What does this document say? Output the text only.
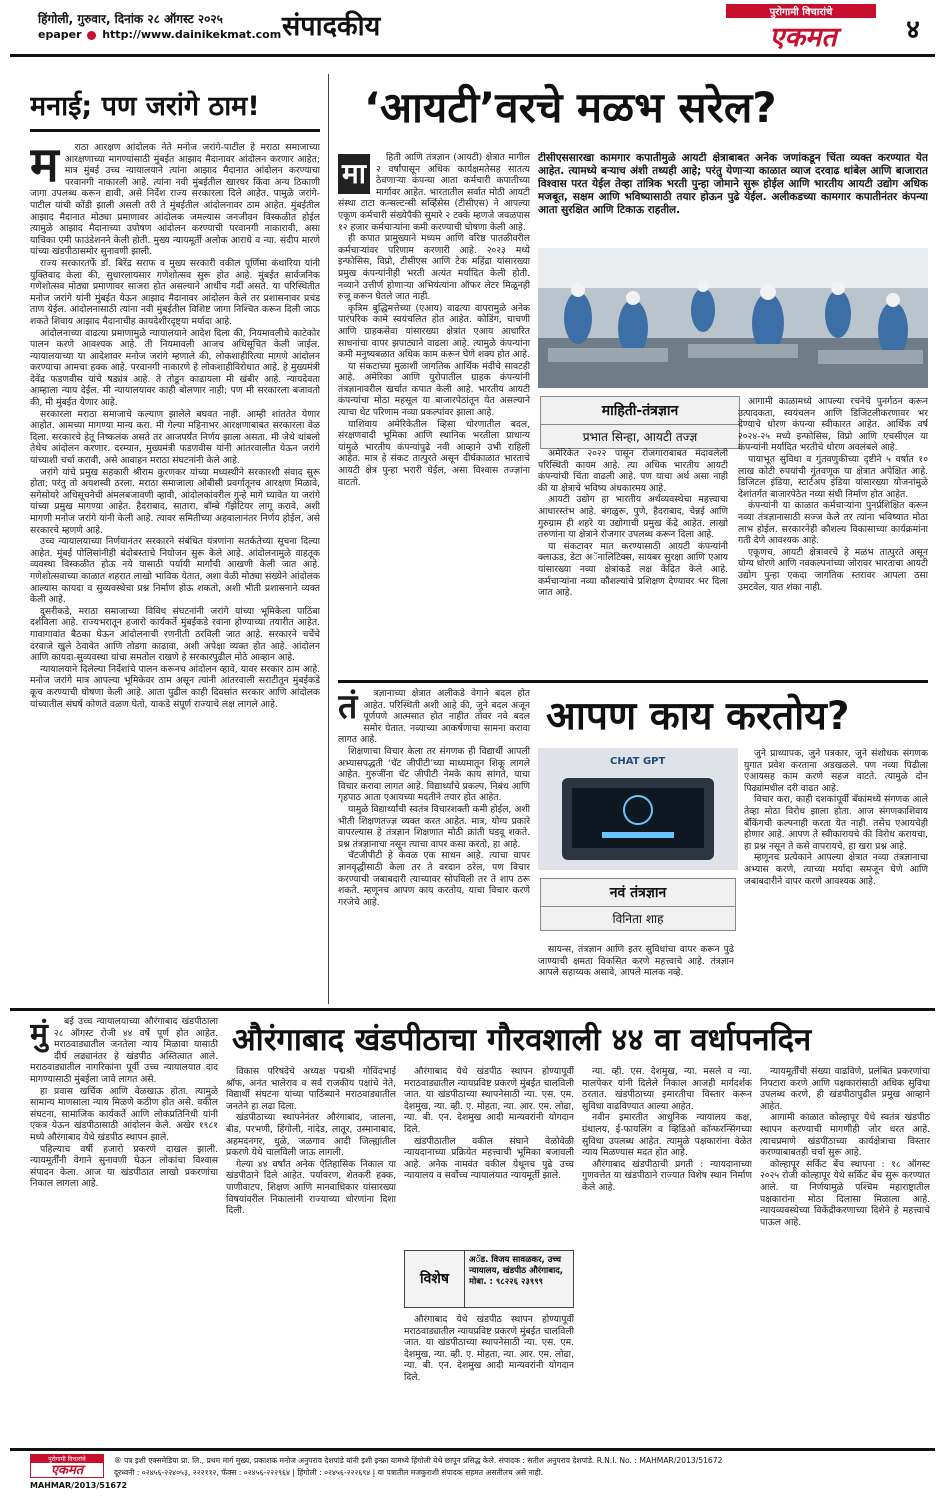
हिंगोली, गुरुवार, दिनांक २८ ऑगस्ट २०२५
epaper http://www.dainikekmat.com संपादकीय	पुरोगामी विचारांचे
एकमत	४
मनाई; पण जरांगे ठाम!
म	राठा आरक्षण आंदोलक नेते मनोज जरांगे-पाटील हे मराठा समाजाच्या आरक्षणाच्या मागण्यांसाठी मुंबईत आझाद मैदानावर आंदोलन करणार आहेत; मात्र मुंबई उच्च न्यायालयाने त्यांना आझाद मैदानात आंदोलन करण्याचा परवानगी नाकारली आहे. त्यांना नवी मुंबईतील खारघर किंवा अन्य ठिकाणी जागा उपलब्ध करून द्यावी, असे निर्देश राज्य सरकारला दिले आहेत. पामुळे जरांगे-पाटील यांची कोंडी झाली असली तरी ते मुंबईतील आंदोलनावर ठाम आहेत. मुंबईतील आझाद मैदानात मोठ्या प्रमाणावर आंदोलक जमल्यास जनजीवन विस्कळीत होईल त्यामुळे आझाद मैदानाच्या उपोषण आंदोलन करण्याची परवानगी नाकारावी, असा याचिका एमी फाउंडेशनने केली होती. मुख्य न्यायमूर्ती अलोक आराधे व न्या. संदीप मारणे यांच्या खंडपीठासमोर सुनावणी झाली.

राज्य सरकारतर्फे डॉ. बिरेंद्र सराफ व मुख्य सरकारी वकील पूर्णिमा कंथारिया यांनी युक्तिवाद केला की, सुधारलायसार गणेशोत्सव सुरू होत आहे. मुंबईत सार्वजनिक गणेशोत्सव मोठ्या प्रमाणावर साजरा होत असल्याने आधीच गर्दी असते. या परिस्थितीत मनोज जरांगे यांनी मुंबईत येऊन आझाद मैदानावर आंदोलन केले तर प्रशासनावर प्रचंड ताण येईल. आंदोलनासाठी त्यांना नवी मुंबईतील विशिष्ट जागा निश्चित करून दिली जाऊ शकते शिवाय आझाद मैदानाचीह कायदेशीरदृष्ट्या मर्यादा आहे.

आंदोलनाच्या वाढत्या प्रमाणामुळे न्यायालयाने आदेश दिला की, नियमावलीचे काटेकोर पालन करणे आवश्यक आहे. ती नियमावली आजच अधिसूचित केली जाईल. न्यायालयाच्या या आदेशावर मनोज जरांगे म्हणाले की, लोकशाहीरित्या मागणे आंदोलन करण्याचा आमचा हक्क आहे. परवानगी नाकारणे हे लोकशाहीविरोधात आहे. हे मुख्यमंत्री देवेंद्र फडणवीस यांचे षड्यंत्र आहे. ते तोडून काढायला मी खंबीर आहे. न्यायदेवता आम्हाला न्याय देईल. मी न्यायालयावर काही बोलणार नाही; पण मी सरकारला बजावतो की, मी मुंबईत येणार आहे.

सरकारला मराठा समाजाचे कल्याण झालेले बघवत नाही. आम्ही शांततेत येणार आहोत. आमच्या मागण्या मान्य करा. मी गेल्या महिनाभर आरक्षणाबाबत सरकारला वेळ दिला. सरकारचे हेतू निष्कलंक असते तर आजपर्यंत निर्णय झाला असता. मी जेथे थांबलो तेथेच आंदोलन करणार. दरम्यान, मुख्यमंत्री फडणवीस यांनी आंतरवालीत येऊन जरांगे यांच्याशी चर्चा करावी, असे आवाहन मराठा संघटनांनी केले आहे.

जरांगे यांचे प्रमुख सहकारी श्रीराम कुरणकर यांच्या मध्यस्थीने सरकारशी संवाद सुरू होता; परंतु तो अयशस्वी ठरला. मराठा समाजाला ओबीसी प्रवर्गातूनच आरक्षण मिळावे, सगेसोयरे अधिसूचनेची अंमलबजावणी व्हावी, आंदोलकांवरील गुन्हे मागे घ्यावेत या जरांगे यांच्या प्रमुख मागण्या आहेत. हैदराबाद, सातारा, बॉम्बे गॅझेटियर लागू करावे, अशी मागणी मनोज जरांगे यांनी केली आहे. त्यावर समितीच्या अहवालानंतर निर्णय होईल, असे सरकारचे म्हणणे आहे.

उच्च न्यायालयाच्या निर्णयानंतर सरकारने संबंधित यंत्रणांना सतर्कतेच्या सूचना दिल्या आहेत. मुंबई पोलिसांनीही बंदोबस्ताचे नियोजन सुरू केले आहे. आंदोलनामुळे वाहतूक व्यवस्था विस्कळीत होऊ नये यासाठी पर्यायी मार्गांची आखणी केली जात आहे. गणेशोत्सवाच्या काळात शहरात लाखो भाविक येतात, अशा वेळी मोठ्या संख्येने आंदोलक आल्यास कायदा व सुव्यवस्थेचा प्रश्न निर्माण होऊ शकतो, अशी भीती प्रशासनाने व्यक्त केली आहे.

दुसरीकडे, मराठा समाजाच्या विविध संघटनांनी जरांगे यांच्या भूमिकेला पाठिंबा दर्शविला आहे. राज्यभरातून हजारो कार्यकर्ते मुंबईकडे रवाना होण्याच्या तयारीत आहेत. गावागावांत बैठका घेऊन आंदोलनाची रणनीती ठरविली जात आहे. सरकारने चर्चेचे दरवाजे खुले ठेवावेत आणि तोडगा काढावा, अशी अपेक्षा व्यक्त होत आहे. आंदोलन आणि कायदा-सुव्यवस्था यांचा समतोल राखणे हे सरकारपुढील मोठे आव्हान आहे.

न्यायालयाने दिलेल्या निर्देशांचे पालन करूनच आंदोलन व्हावे, यावर सरकार ठाम आहे. मनोज जरांगे मात्र आपल्या भूमिकेवर ठाम असून त्यांनी आंतरवाली सराटीतून मुंबईकडे कूच करण्याची घोषणा केली आहे. आता पुढील काही दिवसांत सरकार आणि आंदोलक यांच्यातील संघर्ष कोणते वळण घेतो, याकडे संपूर्ण राज्याचे लक्ष लागले आहे.

‘आयटी’वरचे मळभ सरेल?
मा	हिती आणि तंत्रज्ञान (आयटी) क्षेत्रात मागील २ वर्षांपासून अधिक कार्यक्षमतेसह सातत्य ठेवणाऱ्या कंपन्या आता कर्मचारी कपातीच्या मार्गावर आहेत. भारतातील सर्वात मोठी आयटी संस्था टाटा कन्सल्टन्सी सर्व्हिसेस (टीसीएस) ने आपल्या एकूण कर्मचारी संख्येपैकी सुमारे २ टक्के म्हणजे जवळपास १२ हजार कर्मचाऱ्यांना कमी करण्याची घोषणा केली आहे.

ही कपात प्रामुख्याने मध्यम आणि वरिष्ठ पातळीवरील कर्मचाऱ्यांवर परिणाम करणारी आहे. २०२३ मध्ये इन्फोसिस, विप्रो, टीसीएस आणि टेक महिंद्रा यांसारख्या प्रमुख कंपन्यांनीही भरती अत्यंत मर्यादित केली होती. नव्याने उत्तीर्ण होणाऱ्या अभियंत्यांना ऑफर लेटर मिळूनही रुजू करून घेतले जात नाही.

कृत्रिम बुद्धिमत्तेच्या (एआय) वाढत्या वापरामुळे अनेक पारंपरिक कामे स्वयंचलित होत आहेत. कोडिंग, चाचणी आणि ग्राहकसेवा यांसारख्या क्षेत्रांत एआय आधारित साधनांचा वापर झपाट्याने वाढला आहे. त्यामुळे कंपन्यांना कमी मनुष्यबळात अधिक काम करून घेणे शक्य होत आहे.

या संकटाच्या मुळाशी जागतिक आर्थिक मंदीचे सावटही आहे. अमेरिका आणि युरोपातील ग्राहक कंपन्यांनी तंत्रज्ञानावरील खर्चात कपात केली आहे. भारतीय आयटी कंपन्यांचा मोठा महसूल या बाजारपेठांतून येत असल्याने त्याचा थेट परिणाम नव्या प्रकल्पांवर झाला आहे.

याशिवाय अमेरिकेतील व्हिसा धोरणातील बदल, संरक्षणवादी भूमिका आणि स्थानिक भरतीला प्राधान्य यांमुळे भारतीय कंपन्यांपुढे नवी आव्हाने उभी राहिली आहेत. मात्र हे संकट तात्पुरते असून दीर्घकाळात भारताचे आयटी क्षेत्र पुन्हा भरारी घेईल, असा विश्वास तज्ज्ञांना वाटतो.

टीसीएससारखा कामगार कपातीमुळे आयटी क्षेत्राबाबत अनेक जणांकडून चिंता व्यक्त करण्यात येत आहेत. त्यामध्ये बऱ्याच अंशी तथ्यही आहे; परंतु येणाऱ्या काळात व्याज दरवाढ थांबेल आणि बाजारात विश्वास परत येईल तेव्हा तांत्रिक भरती पुन्हा जोमाने सुरू होईल आणि भारतीय आयटी उद्योग अधिक मजबूत, सक्षम आणि भविष्यासाठी तयार होऊन पुढे येईल. अलीकडच्या कामगार कपातीनंतर कंपन्या आता सुरक्षित आणि टिकाऊ राहतील.

माहिती-तंत्रज्ञान
प्रभात सिन्हा, आयटी तज्ज्ञ

अमेरिकेत २०२२ पासून रोजगाराबाबत मंदावलेली परिस्थिती कायम आहे. त्या अधिक भारतीय आयटी कंपन्यांची चिंता वाढली आहे. पण याचा अर्थ असा नाही की या क्षेत्राचे भविष्य अंधकारमय आहे.

आयटी उद्योग हा भारतीय अर्थव्यवस्थेचा महत्त्वाचा आधारस्तंभ आहे. बंगळुरू, पुणे, हैदराबाद, चेन्नई आणि गुरुग्राम ही शहरे या उद्योगाची प्रमुख केंद्रे आहेत. लाखो तरुणांना या क्षेत्राने रोजगार उपलब्ध करून दिला आहे.

या संकटावर मात करण्यासाठी आयटी कंपन्यांनी क्लाऊड, डेटा अॅनालिटिक्स, सायबर सुरक्षा आणि एआय यांसारख्या नव्या क्षेत्रांकडे लक्ष केंद्रित केले आहे. कर्मचाऱ्यांना नव्या कौशल्यांचे प्रशिक्षण देण्यावर भर दिला जात आहे.

आगामी काळामध्ये आपल्या रचनेचे पुनर्गठन करून उत्पादकता, स्वयंचलन आणि डिजिटलीकरणावर भर देण्याचे धोरण कंपन्या स्वीकारत आहेत. आर्थिक वर्ष २०२४-२५ मध्ये इन्फोसिस, विप्रो आणि एचसीएल या कंपन्यांनी मर्यादित भरतीचे धोरण अवलंबले आहे.

पायाभूत सुविधा व गुंतवणुकीच्या दृष्टीने ५ वर्षात १० लाख कोटी रुपयांची गुंतवणूक या क्षेत्रात अपेक्षित आहे. डिजिटल इंडिया, स्टार्टअप इंडिया यांसारख्या योजनांमुळे देशांतर्गत बाजारपेठेत नव्या संधी निर्माण होत आहेत.

कंपन्यांनी या काळात कर्मचाऱ्यांना पुनर्प्रशिक्षित करून नव्या तंत्रज्ञानासाठी सज्ज केले तर त्यांना भविष्यात मोठा लाभ होईल. सरकारनेही कौशल्य विकासाच्या कार्यक्रमांना गती देणे आवश्यक आहे.

एकूणच, आयटी क्षेत्रावरचे हे मळभ तात्पुरते असून योग्य धोरणे आणि नवकल्पनांच्या जोरावर भारताचा आयटी उद्योग पुन्हा एकदा जागतिक स्तरावर आपला ठसा उमटवेल, यात शंका नाही.

तं	त्रज्ञानाच्या क्षेत्रात अलीकडे वेगाने बदल होत आहेत. परिस्थिती अशी आहे की, जुने बदल अजून पूर्णपणे आत्मसात होत नाहीत तोवर नवे बदल समोर येतात. नव्याच्या आकर्षणाचा सामना करावा लागत आहे.

शिक्षणाचा विचार केला तर संगणक ही विद्यार्थी आपली अभ्यासपद्धती ‘चॅट जीपीटी’च्या माध्यमातून शिकू लागले आहेत. गुरुजींना चॅट जीपीटी नेमके काय सांगते, याचा विचार करावा लागत आहे. विद्यार्थ्यांचे प्रकल्प, निबंध आणि गृहपाठ आता एआयच्या मदतीने तयार होत आहेत.

यामुळे विद्यार्थ्यांची स्वतंत्र विचारशक्ती कमी होईल, अशी भीती शिक्षणतज्ज्ञ व्यक्त करत आहेत. मात्र, योग्य प्रकारे वापरल्यास हे तंत्रज्ञान शिक्षणात मोठी क्रांती घडवू शकते. प्रश्न तंत्रज्ञानाचा नसून त्याचा वापर कसा करतो, हा आहे.

चॅटजीपीटी हे केवळ एक साधन आहे. त्याचा वापर ज्ञानवृद्धीसाठी केला तर ते वरदान ठरेल, पण विचार करण्याची जबाबदारी त्याच्यावर सोपविली तर ते शाप ठरू शकते. म्हणूनच आपण काय करतोय, याचा विचार करणे गरजेचे आहे.

आपण काय करतोय?
CHAT GPT
नवं तंत्रज्ञान
विनिता शाह

सायन्स, तंत्रज्ञान आणि इतर सुविधांचा वापर करून पुढे जाण्याची क्षमता विकसित करणे महत्त्वाचे आहे. तंत्रज्ञान आपले सहाय्यक असावे, आपले मालक नव्हे.

जुने प्राध्यापक, जुने पत्रकार, जुने संशोधक संगणक युगात प्रवेश करताना अडखळले. पण नव्या पिढीला एआयसह काम करणे सहज वाटते. त्यामुळे दोन पिढ्यांमधील दरी वाढत आहे.

विचार करा, काही दशकांपूर्वी बँकांमध्ये संगणक आले तेव्हा मोठा विरोध झाला होता. आज संगणकाशिवाय बँकिंगची कल्पनाही करता येत नाही. तसेच एआयचेही होणार आहे. आपण ते स्वीकारायचे की विरोध करायचा, हा प्रश्न नसून ते कसे वापरायचे, हा खरा प्रश्न आहे.

म्हणूनच प्रत्येकाने आपल्या क्षेत्रात नव्या तंत्रज्ञानाचा अभ्यास करणे, त्याच्या मर्यादा समजून घेणे आणि जबाबदारीने वापर करणे आवश्यक आहे.

मुं	बई उच्च न्यायालयाच्या औरंगाबाद खंडपीठाला २८ ऑगस्ट रोजी ४४ वर्षे पूर्ण होत आहेत. मराठवाड्यातील जनतेला न्याय मिळावा यासाठी दीर्घ लढ्यानंतर हे खंडपीठ अस्तित्वात आले. मराठवाड्यातील नागरिकांना पूर्वी उच्च न्यायालयात दाद मागण्यासाठी मुंबईला जावे लागत असे.

हा प्रवास खर्चिक आणि वेळखाऊ होता. त्यामुळे सामान्य माणसाला न्याय मिळणे कठीण होत असे. वकील संघटना, सामाजिक कार्यकर्ते आणि लोकप्रतिनिधी यांनी एकत्र येऊन खंडपीठासाठी आंदोलन केले. अखेर १९८१ मध्ये औरंगाबाद येथे खंडपीठ स्थापन झाले.

पहिल्याच वर्षी हजारो प्रकरणे दाखल झाली. न्यायमूर्तींनी वेगाने सुनावणी घेऊन लोकांचा विश्वास संपादन केला. आज या खंडपीठात लाखो प्रकरणांचा निकाल लागला आहे.

औरंगाबाद खंडपीठाचा गौरवशाली ४४ वा वर्धापनदिन

विकास परिषदेचे अध्यक्ष पद्मश्री गोविंदभाई श्रॉफ, अनंत भालेराव व सर्व राजकीय पक्षांचे नेते, विद्यार्थी संघटना यांच्या पाठिंब्याने मराठवाड्यातील जनतेने हा लढा दिला.

खंडपीठाच्या स्थापनेनंतर औरंगाबाद, जालना, बीड, परभणी, हिंगोली, नांदेड, लातूर, उस्मानाबाद, अहमदनगर, धुळे, जळगाव आदी जिल्ह्यांतील प्रकरणे येथे चालविली जाऊ लागली.

गेल्या ४४ वर्षांत अनेक ऐतिहासिक निकाल या खंडपीठाने दिले आहेत. पर्यावरण, शेतकरी हक्क, पाणीवाटप, शिक्षण आणि मानवाधिकार यांसारख्या विषयांवरील निकालांनी राज्याच्या धोरणांना दिशा दिली.

औरंगाबाद येथे खंडपीठ स्थापन होण्यापूर्वी मराठवाड्यातील न्यायप्रविष्ट प्रकरणे मुंबईत चालविली जात. या खंडपीठाच्या स्थापनेसाठी न्या. एस. एम. देशमुख, न्या. व्ही. ए. मोहता, न्या. आर. एम. लोढा, न्या. बी. एन. देशमुख आदी मान्यवरांनी योगदान दिले.

खंडपीठातील वकील संघाने वेळोवेळी न्यायदानाच्या प्रक्रियेत महत्त्वाची भूमिका बजावली आहे. अनेक नामवंत वकील येथूनच पुढे उच्च न्यायालय व सर्वोच्च न्यायालयात न्यायमूर्ती झाले.

विशेष
अॅड. विजय सावळकर, उच्च न्यायालय, खंडपीठ औरंगाबाद, मोबा. : ९८२२६ २३९९९

औरंगाबाद येथे खंडपीठ स्थापन होण्यापूर्वी मराठवाड्यातील न्यायप्रविष्ट प्रकरणे मुंबईत चालविली जात. या खंडपीठाच्या स्थापनेसाठी न्या. एस. एम. देशमुख, न्या. व्ही. ए. मोहता, न्या. आर. एम. लोढा, न्या. बी. एन. देशमुख आदी मान्यवरांनी योगदान दिले.

न्या. व्ही. एस. देशमुख, न्या. मसले व न्या. मालपेकर यांनी दिलेले निकाल आजही मार्गदर्शक ठरतात. खंडपीठाच्या इमारतीचा विस्तार करून सुविधा वाढविण्यात आल्या आहेत.

नवीन इमारतीत आधुनिक न्यायालय कक्ष, ग्रंथालय, ई-फायलिंग व व्हिडिओ कॉन्फरन्सिंगच्या सुविधा उपलब्ध आहेत. त्यामुळे पक्षकारांना वेळेत न्याय मिळण्यास मदत होत आहे.

औरंगाबाद खंडपीठाची प्रगती : न्यायदानाच्या गुणवत्तेत या खंडपीठाने राज्यात विशेष स्थान निर्माण केले आहे.

न्यायमूर्तींची संख्या वाढविणे, प्रलंबित प्रकरणांचा निपटारा करणे आणि पक्षकारांसाठी अधिक सुविधा उपलब्ध करणे, ही खंडपीठापुढील प्रमुख आव्हाने आहेत.

आगामी काळात कोल्हापूर येथे स्वतंत्र खंडपीठ स्थापन करण्याची मागणीही जोर धरत आहे. त्याचप्रमाणे खंडपीठाच्या कार्यक्षेत्राचा विस्तार करण्याबाबतही चर्चा सुरू आहे.

कोल्हापूर सर्किट बेंच स्थापना : १८ ऑगस्ट २०२५ रोजी कोल्हापूर येथे सर्किट बेंच सुरू करण्यात आले. या निर्णयामुळे पश्चिम महाराष्ट्रातील पक्षकारांना मोठा दिलासा मिळाला आहे. न्यायव्यवस्थेच्या विकेंद्रीकरणाच्या दिशेने हे महत्त्वाचे पाऊल आहे.

पुरोगामी विचारांचे
एकमत
MAHMAR/2013/51672
® पत्र इशी एक्समेडिया प्रा. लि., प्रथम मार्ग मुख्य, प्रकाशक मनोज अनुपराव देशपांडे यांनी इशी इन्फ्रा यामध्ये हिंगोली येथे छापून प्रसिद्ध केले. संपादक : सतीश अनुपराव देशपांडे. R.N.I. No. : MAHMAR/2013/51672
दूरध्वनी : ०२४५६-२२४०५३, २२२११२, फॅक्स : ०२४५६-२२२९६४ | हिंगोली : ०२४५६-२२२६९४ | या पत्रातील मजकुराशी संपादक सहमत असतीलच असे नाही.
